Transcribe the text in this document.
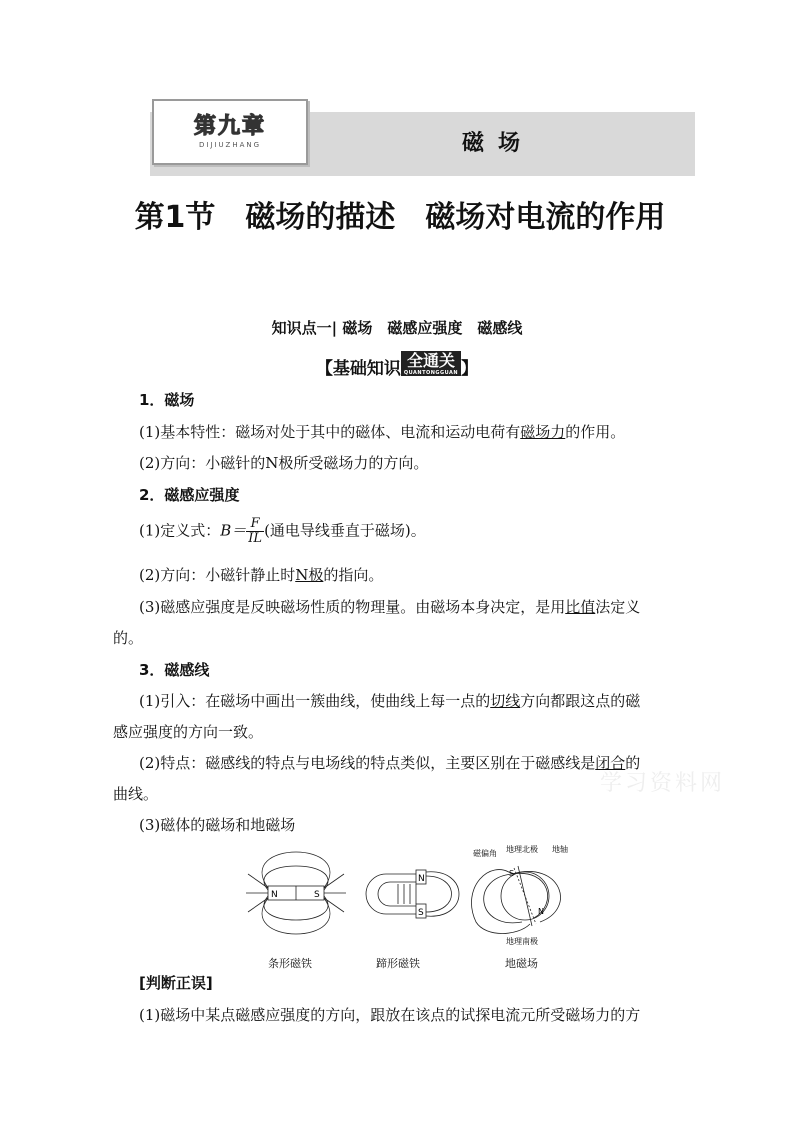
第九章
DIJIUZHANG	磁场
第1节　磁场的描述　磁场对电流的作用
知识点一| 磁场　磁感应强度　磁感线
【基础知识 全通关
QUANTONGGUAN 】
1．磁场
(1)基本特性：磁场对处于其中的磁体、电流和运动电荷有磁场力的作用。
(2)方向：小磁针的N极所受磁场力的方向。
2．磁感应强度
(1)定义式：$B= \frac{F}{IL}$ (通电导线垂直于磁场)。
(2)方向：小磁针静止时N极的指向。
(3)磁感应强度是反映磁场性质的物理量。由磁场本身决定，是用比值法定义
的。
3．磁感线
(1)引入：在磁场中画出一簇曲线，使曲线上每一点的切线方向都跟这点的磁
感应强度的方向一致。
(2)特点：磁感线的特点与电场线的特点类似，主要区别在于磁感线是闭合的
曲线。
(3)磁体的磁场和地磁场
学习资料网
N	S
N
S
S
N
磁偏角 地理北极 地轴
地理南极
条形磁铁	蹄形磁铁	地磁场
[判断正误]
(1)磁场中某点磁感应强度的方向，跟放在该点的试探电流元所受磁场力的方
